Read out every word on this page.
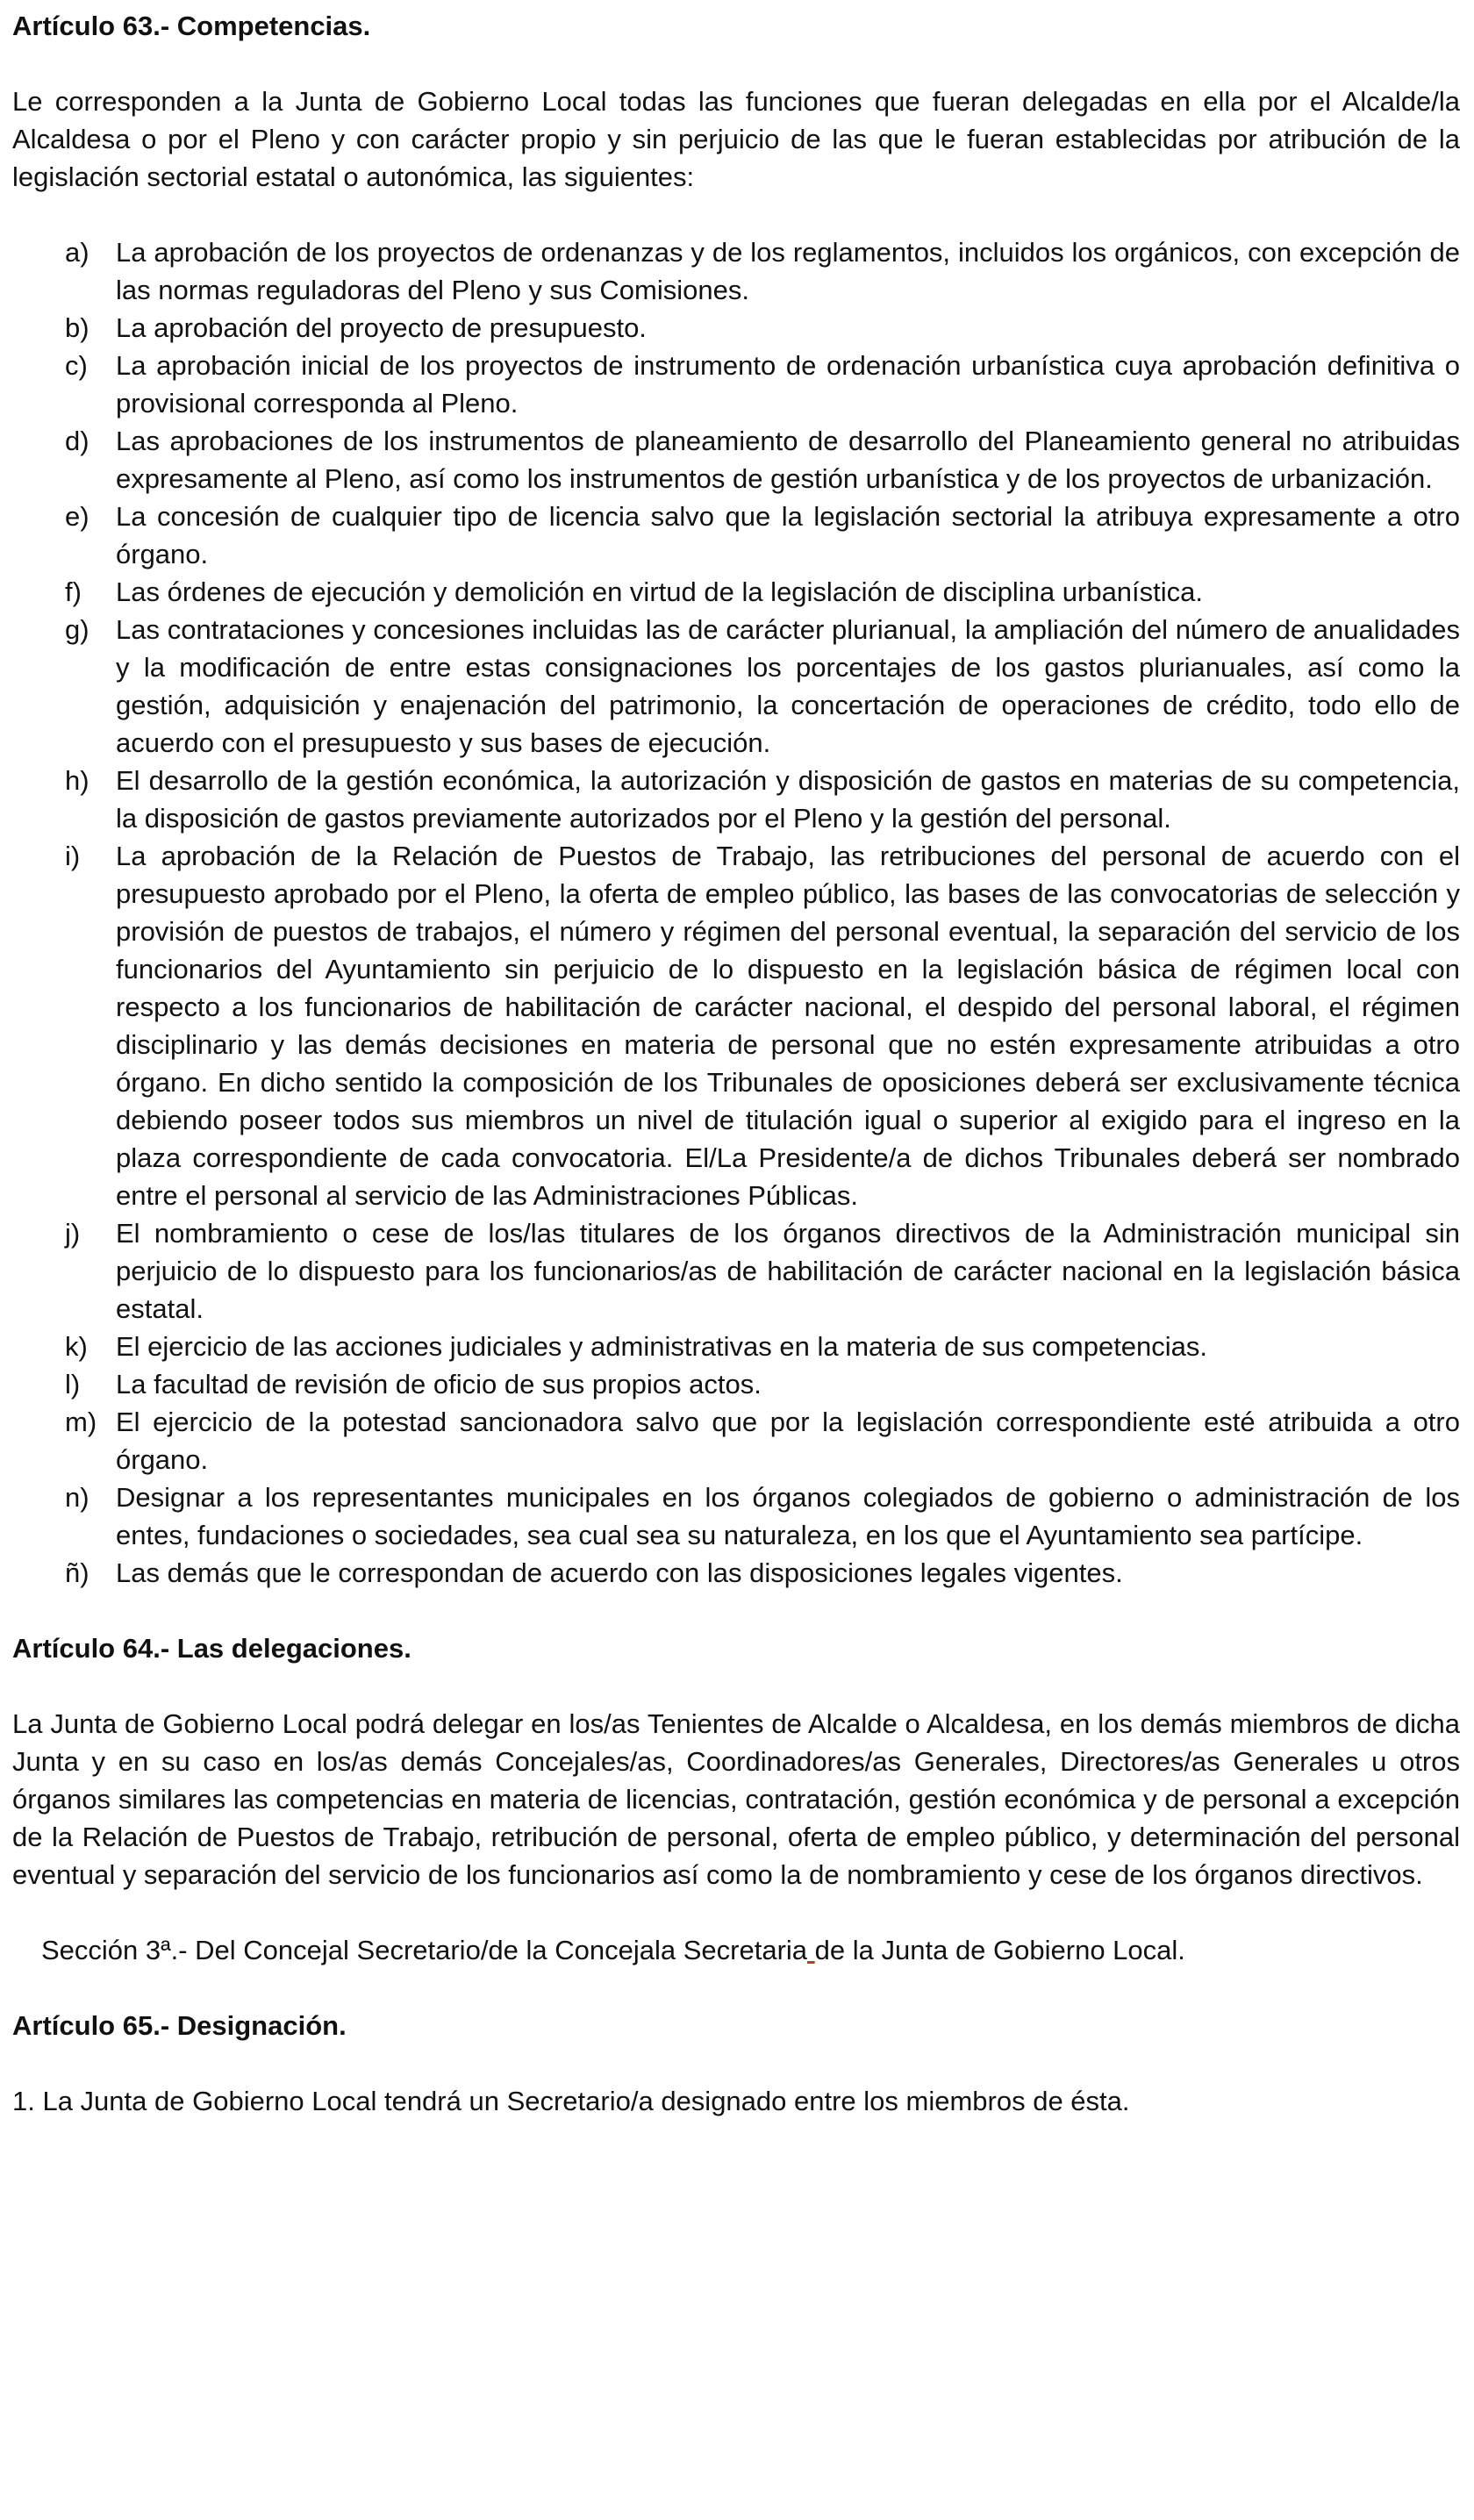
Artículo 63.- Competencias.

Le corresponden a la Junta de Gobierno Local todas las funciones que fueran delegadas en ella por el Alcalde/la Alcaldesa o por el Pleno y con carácter propio y sin perjuicio de las que le fueran establecidas por atribución de la legislación sectorial estatal o autonómica, las siguientes:

a) La aprobación de los proyectos de ordenanzas y de los reglamentos, incluidos los orgánicos, con excepción de las normas reguladoras del Pleno y sus Comisiones.
b) La aprobación del proyecto de presupuesto.
c)	La aprobación inicial de los proyectos de instrumento de ordenación urbanística cuya aprobación definitiva o provisional corresponda al Pleno.
d) Las aprobaciones de los instrumentos de planeamiento de desarrollo del Planeamiento general no atribuidas expresamente al Pleno, así como los instrumentos de gestión urbanística y de los proyectos de urbanización.
e) La concesión de cualquier tipo de licencia salvo que la legislación sectorial la atribuya expresamente a otro órgano.
f)	Las órdenes de ejecución y demolición en virtud de la legislación de disciplina urbanística.
g) Las contrataciones y concesiones incluidas las de carácter plurianual, la ampliación del número de anualidades y la modificación de entre estas consignaciones los porcentajes de los gastos plurianuales, así como la gestión, adquisición y enajenación del patrimonio, la concertación de operaciones de crédito, todo ello de acuerdo con el presupuesto y sus bases de ejecución.
h) El desarrollo de la gestión económica, la autorización y disposición de gastos en materias de su competencia, la disposición de gastos previamente autorizados por el Pleno y la gestión del personal.
i)	La aprobación de la Relación de Puestos de Trabajo, las retribuciones del personal de acuerdo con el presupuesto aprobado por el Pleno, la oferta de empleo público, las bases de las convocatorias de selección y provisión de puestos de trabajos, el número y régimen del personal eventual, la separación del servicio de los funcionarios del Ayuntamiento sin perjuicio de lo dispuesto en la legislación básica de régimen local con respecto a los funcionarios de habilitación de carácter nacional, el despido del personal laboral, el régimen disciplinario y las demás decisiones en materia de personal que no estén expresamente atribuidas a otro órgano. En dicho sentido la composición de los Tribunales de oposiciones deberá ser exclusivamente técnica debiendo poseer todos sus miembros un nivel de titulación igual o superior al exigido para el ingreso en la plaza correspondiente de cada convocatoria. El/La Presidente/a de dichos Tribunales deberá ser nombrado entre el personal al servicio de las Administraciones Públicas.
j)	El nombramiento o cese de los/las titulares de los órganos directivos de la Administración municipal sin perjuicio de lo dispuesto para los funcionarios/as de habilitación de carácter nacional en la legislación básica estatal.
k)	El ejercicio de las acciones judiciales y administrativas en la materia de sus competencias.
l)	La facultad de revisión de oficio de sus propios actos.
m) El ejercicio de la potestad sancionadora salvo que por la legislación correspondiente esté atribuida a otro órgano.
n) Designar a los representantes municipales en los órganos colegiados de gobierno o administración de los entes, fundaciones o sociedades, sea cual sea su naturaleza, en los que el Ayuntamiento sea partícipe.
ñ) Las demás que le correspondan de acuerdo con las disposiciones legales vigentes.

Artículo 64.- Las delegaciones.

La Junta de Gobierno Local podrá delegar en los/as Tenientes de Alcalde o Alcaldesa, en los demás miembros de dicha Junta y en su caso en los/as demás Concejales/as, Coordinadores/as Generales, Directores/as Generales u otros órganos similares las competencias en materia de licencias, contratación, gestión económica y de personal a excepción de la Relación de Puestos de Trabajo, retribución de personal, oferta de empleo público, y determinación del personal eventual y separación del servicio de los funcionarios así como la de nombramiento y cese de los órganos directivos.

Sección 3ª.- Del Concejal Secretario/de la Concejala Secretaria de la Junta de Gobierno Local.

Artículo 65.- Designación.

1. La Junta de Gobierno Local tendrá un Secretario/a designado entre los miembros de ésta.
